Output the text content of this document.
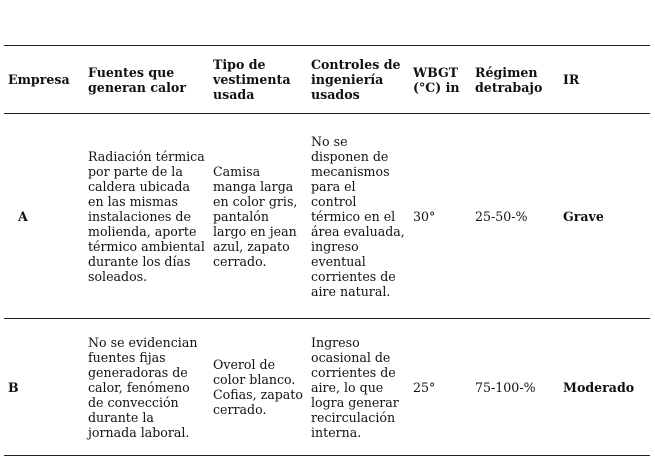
Empresa	Fuentes que generan calor	Tipo de vestimenta usada	Controles de ingeniería usados	WBGT (°C) in	Régimen detrabajo	IR
A	Radiación térmica por parte de la caldera ubicada en las mismas instalaciones de molienda, aporte térmico ambiental durante los días soleados.	Camisa manga larga en color gris, pantalón largo en jean azul, zapato cerrado.	No se disponen de mecanismos para el control térmico en el área evaluada, ingreso eventual corrientes de aire natural.	30°	25-50-%	Grave
B	No se evidencian fuentes fijas generadoras de calor, fenómeno de convección durante la jornada laboral.	Overol de color blanco. Cofias, zapato cerrado.	Ingreso ocasional de corrientes de aire, lo que logra generar recirculación interna.	25°	75-100-%	Moderado
